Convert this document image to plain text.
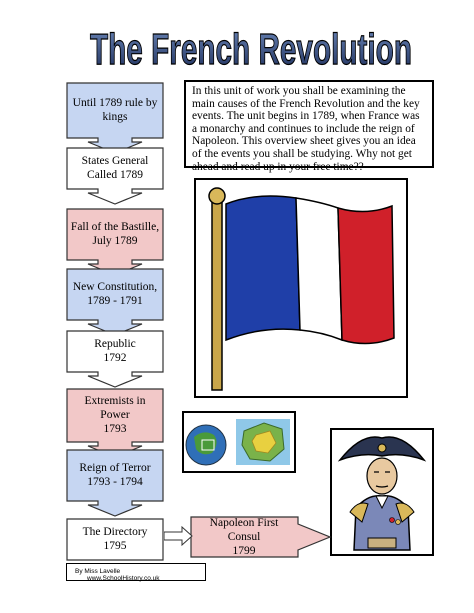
The French Revolution
Until 1789 rule by
kings
States General
Called 1789
Fall of the Bastille,
July 1789
New Constitution,
1789 - 1791
Republic
1792
Extremists in
Power
1793
Reign of Terror
1793 - 1794
The Directory
1795
In this unit of work you shall be examining the main causes of the French Revolution and the key events. The unit begins in 1789, when France was a monarchy and continues to include the reign of Napoleon. This overview sheet gives you an idea of the events you shall be studying. Why not get ahead and read up in your free time??
Napoleon First
Consul
1799
By Miss Lavelle www.SchoolHistory.co.uk
